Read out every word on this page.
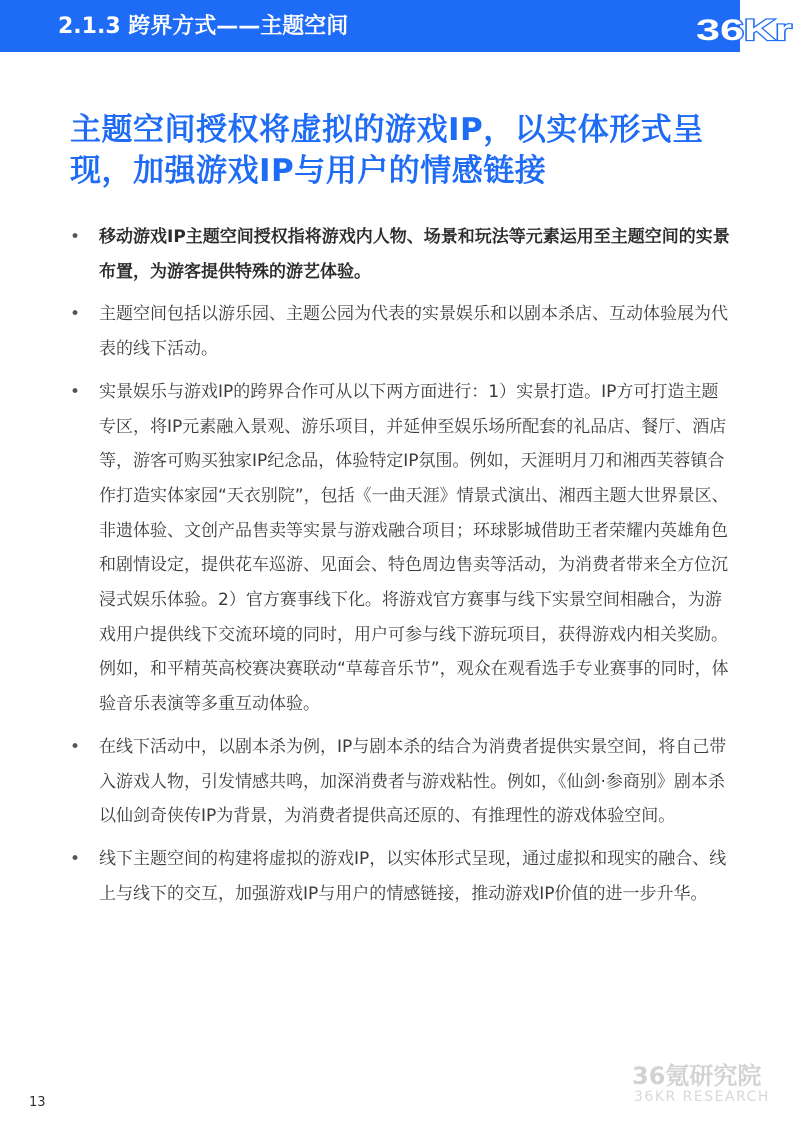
2.1.3 跨界方式——主题空间	36Kr
主题空间授权将虚拟的游戏IP，以实体形式呈现，加强游戏IP与用户的情感链接
• 移动游戏IP主题空间授权指将游戏内人物、场景和玩法等元素运用至主题空间的实景布置，为游客提供特殊的游艺体验。
• 主题空间包括以游乐园、主题公园为代表的实景娱乐和以剧本杀店、互动体验展为代表的线下活动。
• 实景娱乐与游戏IP的跨界合作可从以下两方面进行：1）实景打造。IP方可打造主题专区，将IP元素融入景观、游乐项目，并延伸至娱乐场所配套的礼品店、餐厅、酒店等，游客可购买独家IP纪念品，体验特定IP氛围。例如，天涯明月刀和湘西芙蓉镇合作打造实体家园“天衣别院”，包括《一曲天涯》情景式演出、湘西主题大世界景区、非遗体验、文创产品售卖等实景与游戏融合项目；环球影城借助王者荣耀内英雄角色和剧情设定，提供花车巡游、见面会、特色周边售卖等活动，为消费者带来全方位沉浸式娱乐体验。2）官方赛事线下化。将游戏官方赛事与线下实景空间相融合，为游戏用户提供线下交流环境的同时，用户可参与线下游玩项目，获得游戏内相关奖励。例如，和平精英高校赛决赛联动“草莓音乐节”，观众在观看选手专业赛事的同时，体验音乐表演等多重互动体验。
• 在线下活动中，以剧本杀为例，IP与剧本杀的结合为消费者提供实景空间，将自己带入游戏人物，引发情感共鸣，加深消费者与游戏粘性。例如，《仙剑·参商别》剧本杀以仙剑奇侠传IP为背景，为消费者提供高还原的、有推理性的游戏体验空间。
• 线下主题空间的构建将虚拟的游戏IP，以实体形式呈现，通过虚拟和现实的融合、线上与线下的交互，加强游戏IP与用户的情感链接，推动游戏IP价值的进一步升华。
36氪研究院
36KR RESEARCH
13
